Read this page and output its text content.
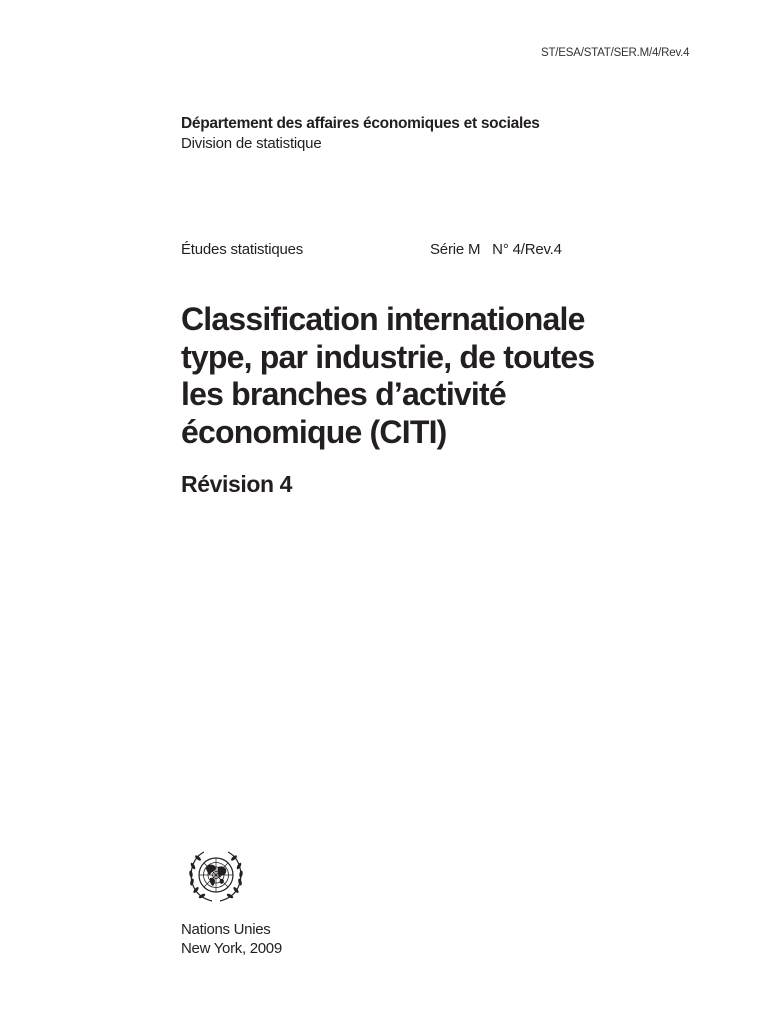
ST/ESA/STAT/SER.M/4/Rev.4
Département des affaires économiques et sociales
Division de statistique
Études statistiques	Série M   N° 4/Rev.4
Classification internationale
type, par industrie, de toutes
les branches d’activité
économique (CITI)
Révision 4
Nations Unies
New York, 2009
